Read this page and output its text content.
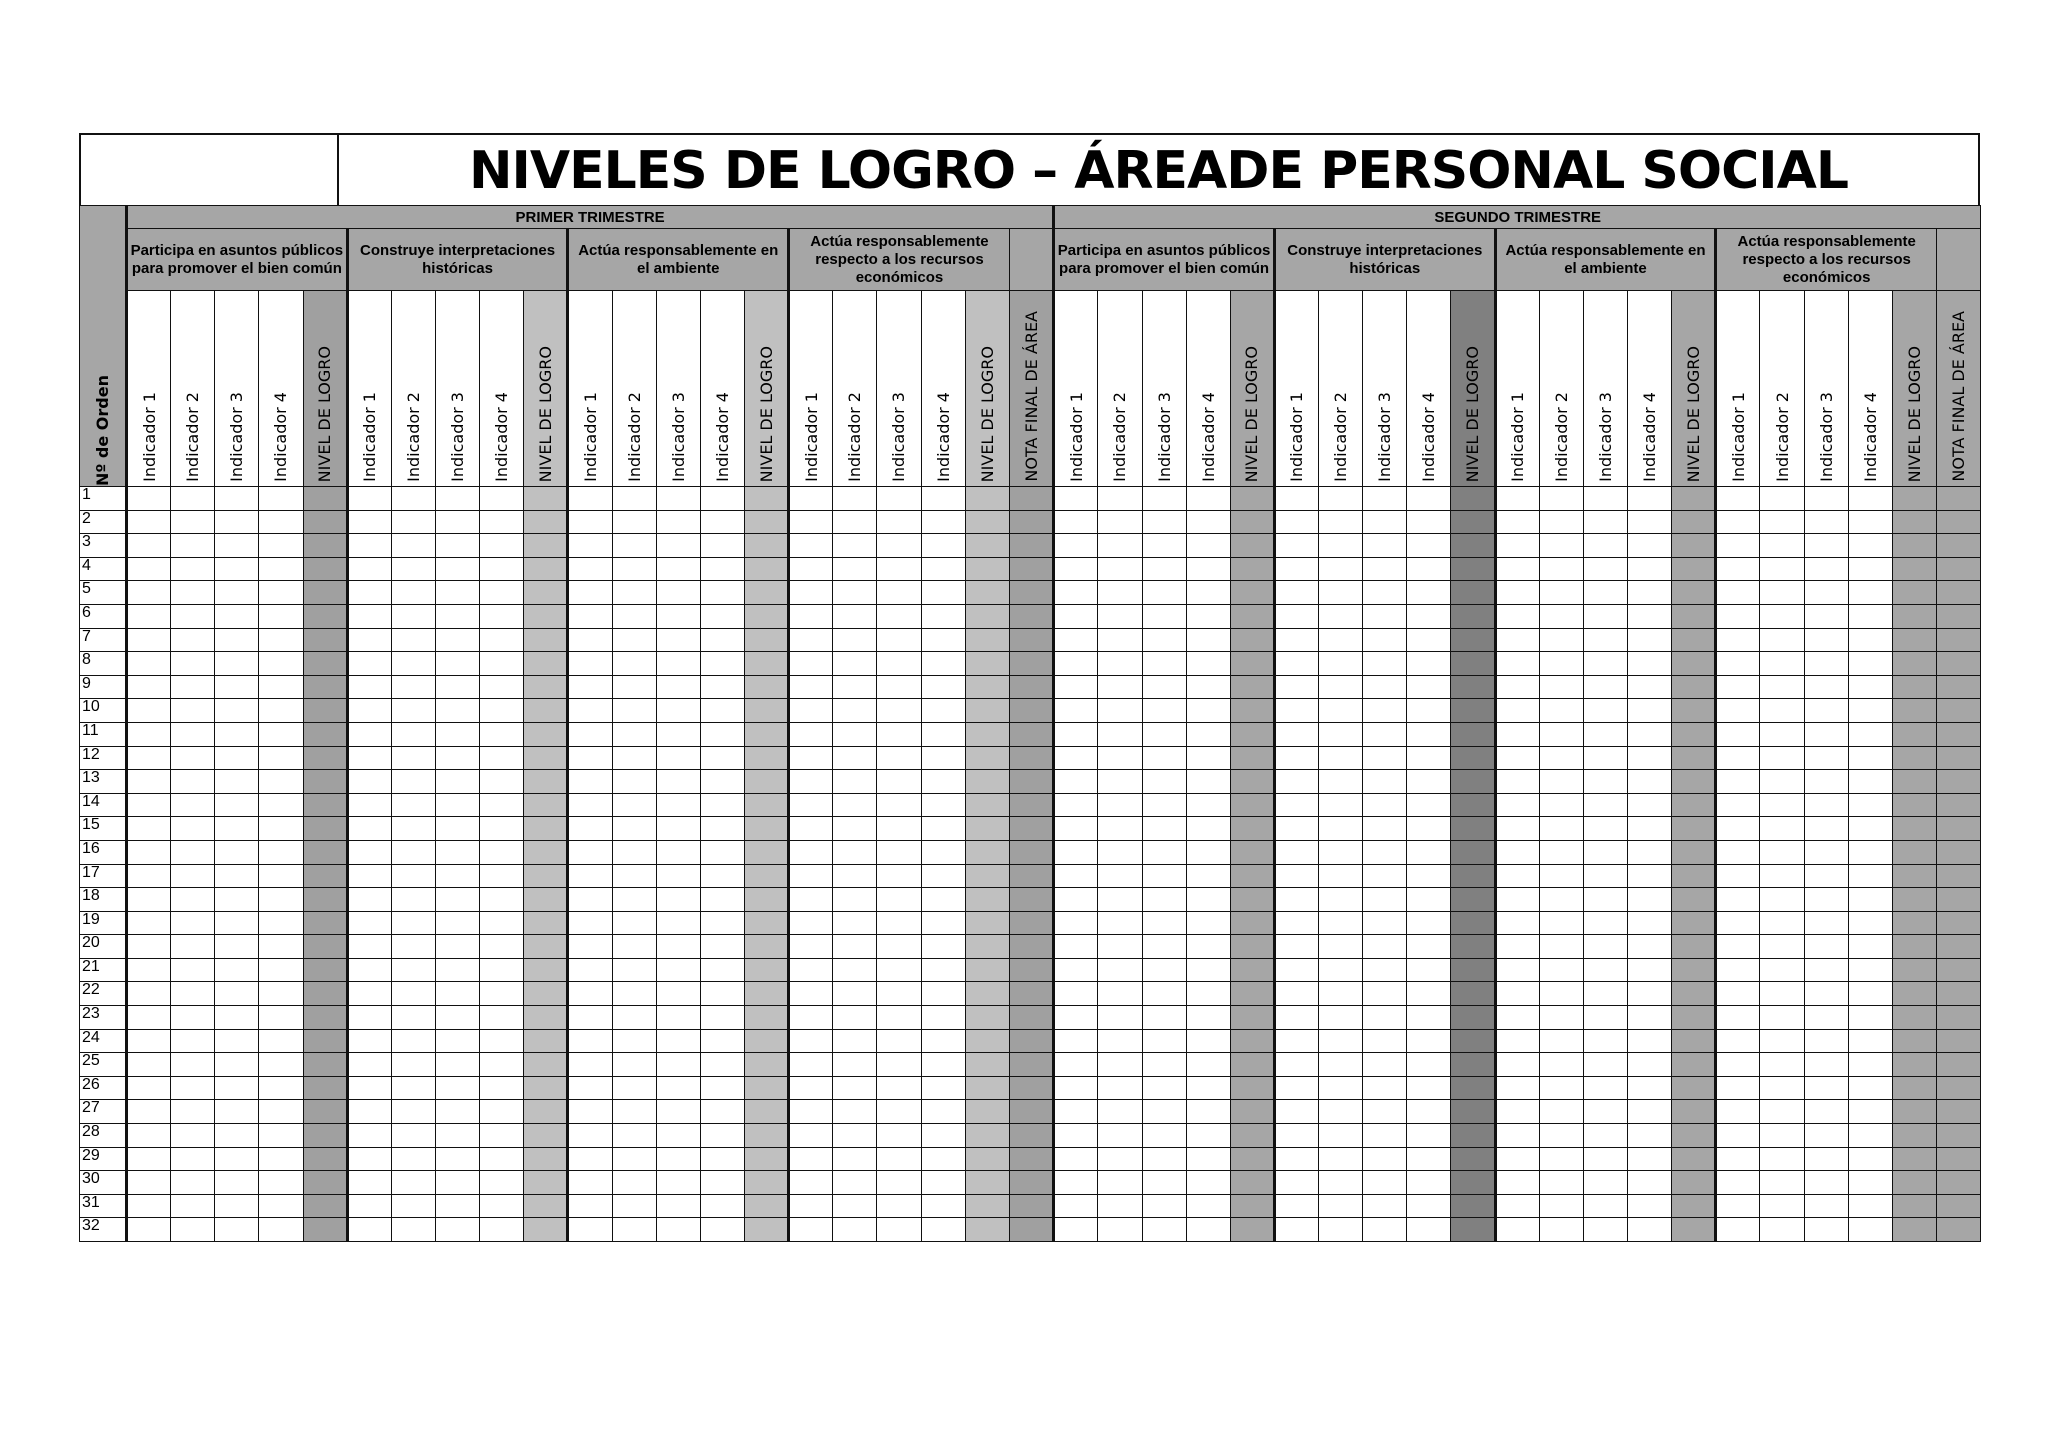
NIVELES DE LOGRO – ÁREADE PERSONAL SOCIAL
Nº de Orden	PRIMER TRIMESTRE																					SEGUNDO TRIMESTRE																				
	Participa en asuntos públicos para promover el bien común					Construye interpretaciones históricas					Actúa responsablemente en el ambiente					Actúa responsablemente respecto a los recursos económicos						Participa en asuntos públicos para promover el bien común					Construye interpretaciones históricas					Actúa responsablemente en el ambiente					Actúa responsablemente respecto a los recursos económicos					

	Indicador 1	Indicador 2	Indicador 3	Indicador 4	NIVEL DE LOGRO	Indicador 1	Indicador 2	Indicador 3	Indicador 4	NIVEL DE LOGRO	Indicador 1	Indicador 2	Indicador 3	Indicador 4	NIVEL DE LOGRO	Indicador 1	Indicador 2	Indicador 3	Indicador 4	NIVEL DE LOGRO	NOTA FINAL DE ÁREA	Indicador 1	Indicador 2	Indicador 3	Indicador 4	NIVEL DE LOGRO	Indicador 1	Indicador 2	Indicador 3	Indicador 4	NIVEL DE LOGRO	Indicador 1	Indicador 2	Indicador 3	Indicador 4	NIVEL DE LOGRO	Indicador 1	Indicador 2	Indicador 3	Indicador 4	NIVEL DE LOGRO	NOTA FINAL DE ÁREA

1																																										
2																																										
3																																										
4																																										
5																																										
6																																										
7																																										
8																																										
9																																										
10																																										
11																																										
12																																										
13																																										
14																																										
15																																										
16																																										
17																																										
18																																										
19																																										
20																																										
21																																										
22																																										
23																																										
24																																										
25																																										
26																																										
27																																										
28																																										
29																																										
30																																										
31																																										
32																																										
